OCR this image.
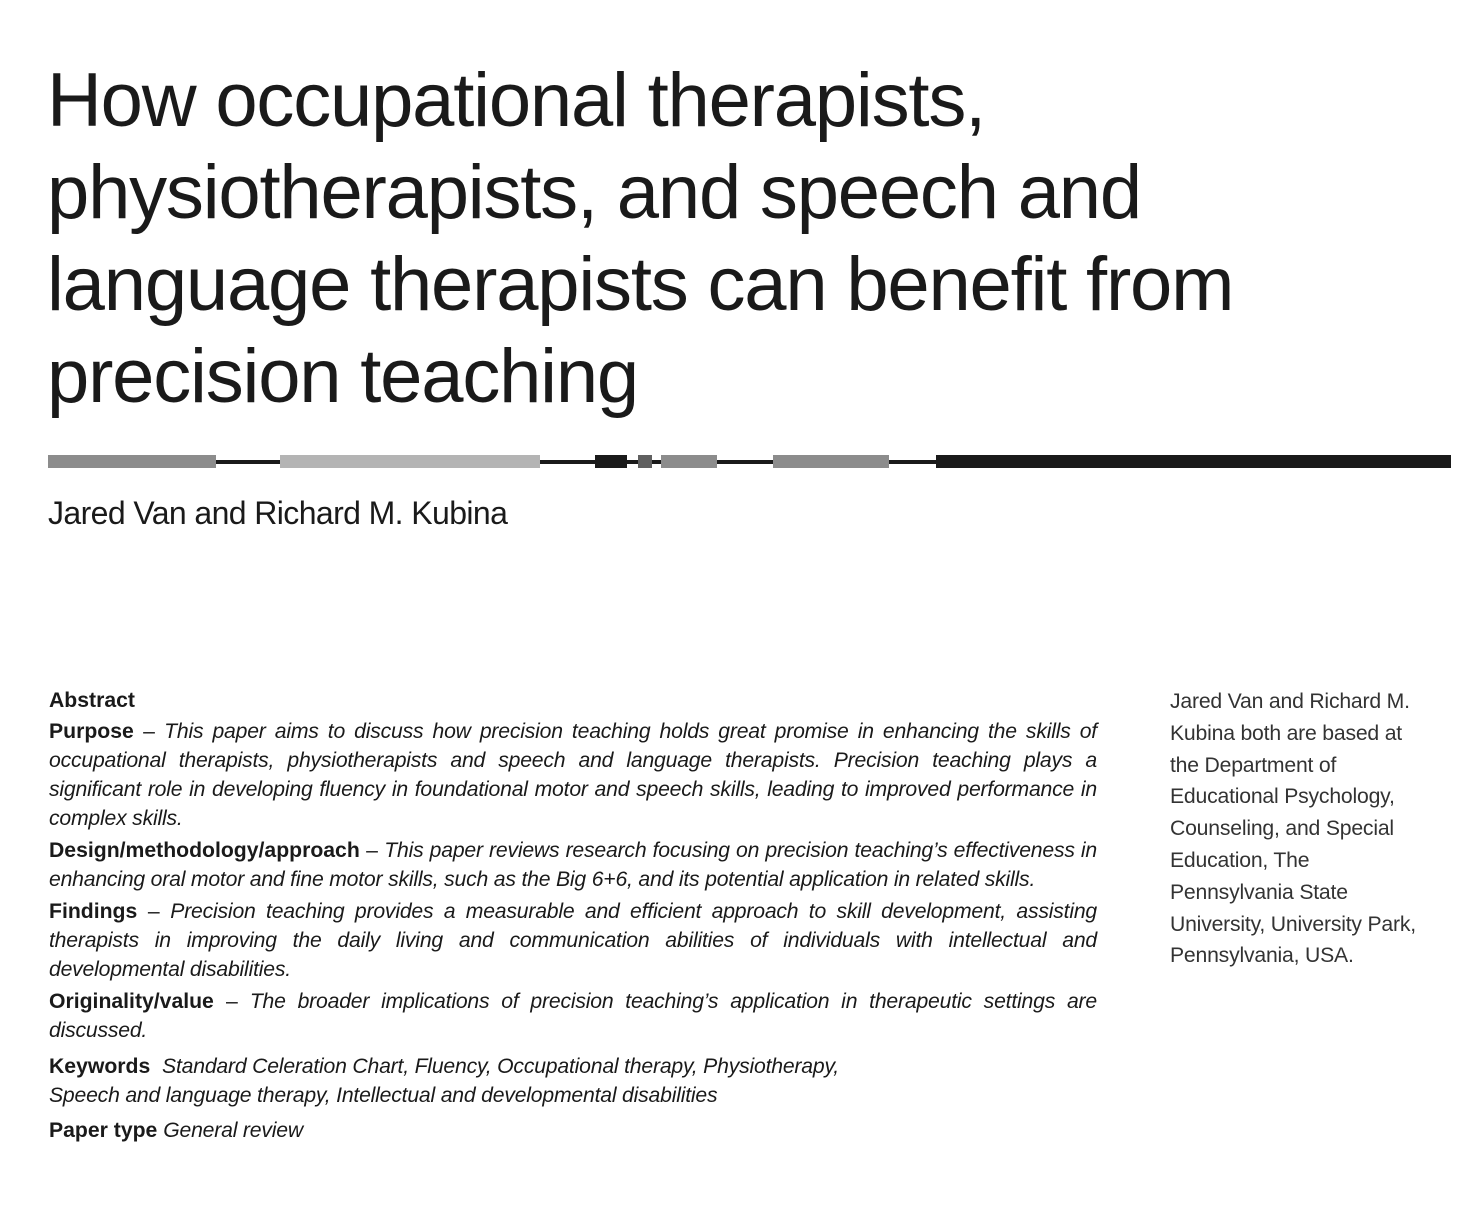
How occupational therapists,
physiotherapists, and speech and
language therapists can benefit from
precision teaching
Jared Van and Richard M. Kubina
Abstract

Purpose – This paper aims to discuss how precision teaching holds great promise in enhancing the skills of occupational therapists, physiotherapists and speech and language therapists. Precision teaching plays a significant role in developing fluency in foundational motor and speech skills, leading to improved performance in complex skills.

Design/methodology/approach – This paper reviews research focusing on precision teaching’s effectiveness in enhancing oral motor and fine motor skills, such as the Big 6+6, and its potential application in related skills.

Findings – Precision teaching provides a measurable and efficient approach to skill development, assisting therapists in improving the daily living and communication abilities of individuals with intellectual and developmental disabilities.

Originality/value – The broader implications of precision teaching’s application in therapeutic settings are discussed.

Keywords Standard Celeration Chart, Fluency, Occupational therapy, Physiotherapy,
Speech and language therapy, Intellectual and developmental disabilities

Paper type General review

Jared Van and Richard M.
Kubina both are based at
the Department of
Educational Psychology,
Counseling, and Special
Education, The
Pennsylvania State
University, University Park,
Pennsylvania, USA.
